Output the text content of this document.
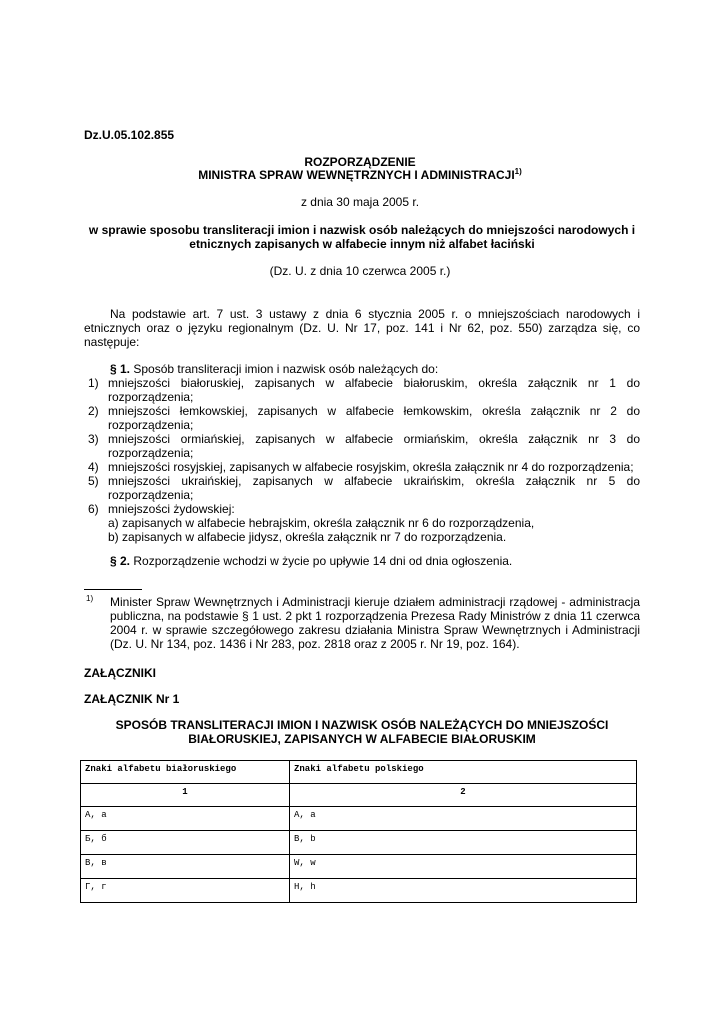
Dz.U.05.102.855
ROZPORZĄDZENIE
MINISTRA SPRAW WEWNĘTRZNYCH I ADMINISTRACJI$^{1)}$
z dnia 30 maja 2005 r.
w sprawie sposobu transliteracji imion i nazwisk osób należących do mniejszości narodowych i etnicznych zapisanych w alfabecie innym niż alfabet łaciński
(Dz. U. z dnia 10 czerwca 2005 r.)
Na podstawie art. 7 ust. 3 ustawy z dnia 6 stycznia 2005 r. o mniejszościach narodowych i etnicznych oraz o języku regionalnym (Dz. U. Nr 17, poz. 141 i Nr 62, poz. 550) zarządza się, co następuje:
§ 1. Sposób transliteracji imion i nazwisk osób należących do:
1) mniejszości białoruskiej, zapisanych w alfabecie białoruskim, określa załącznik nr 1 do rozporządzenia;
2) mniejszości łemkowskiej, zapisanych w alfabecie łemkowskim, określa załącznik nr 2 do rozporządzenia;
3) mniejszości ormiańskiej, zapisanych w alfabecie ormiańskim, określa załącznik nr 3 do rozporządzenia;
4) mniejszości rosyjskiej, zapisanych w alfabecie rosyjskim, określa załącznik nr 4 do rozporządzenia;
5) mniejszości ukraińskiej, zapisanych w alfabecie ukraińskim, określa załącznik nr 5 do rozporządzenia;
6) mniejszości żydowskiej:
a) zapisanych w alfabecie hebrajskim, określa załącznik nr 6 do rozporządzenia,
b) zapisanych w alfabecie jidysz, określa załącznik nr 7 do rozporządzenia.
§ 2. Rozporządzenie wchodzi w życie po upływie 14 dni od dnia ogłoszenia.
1) Minister Spraw Wewnętrznych i Administracji kieruje działem administracji rządowej - administracja publiczna, na podstawie § 1 ust. 2 pkt 1 rozporządzenia Prezesa Rady Ministrów z dnia 11 czerwca 2004 r. w sprawie szczegółowego zakresu działania Ministra Spraw Wewnętrznych i Administracji (Dz. U. Nr 134, poz. 1436 i Nr 283, poz. 2818 oraz z 2005 r. Nr 19, poz. 164).
ZAŁĄCZNIKI
ZAŁĄCZNIK Nr 1
SPOSÓB TRANSLITERACJI IMION I NAZWISK OSÓB NALEŻĄCYCH DO MNIEJSZOŚCI BIAŁORUSKIEJ, ZAPISANYCH W ALFABECIE BIAŁORUSKIM
Znaki alfabetu białoruskiego	Znaki alfabetu polskiego
1	2
А, а	A, a
Б, б	B, b
В, в	W, w
Г, г	H, h
